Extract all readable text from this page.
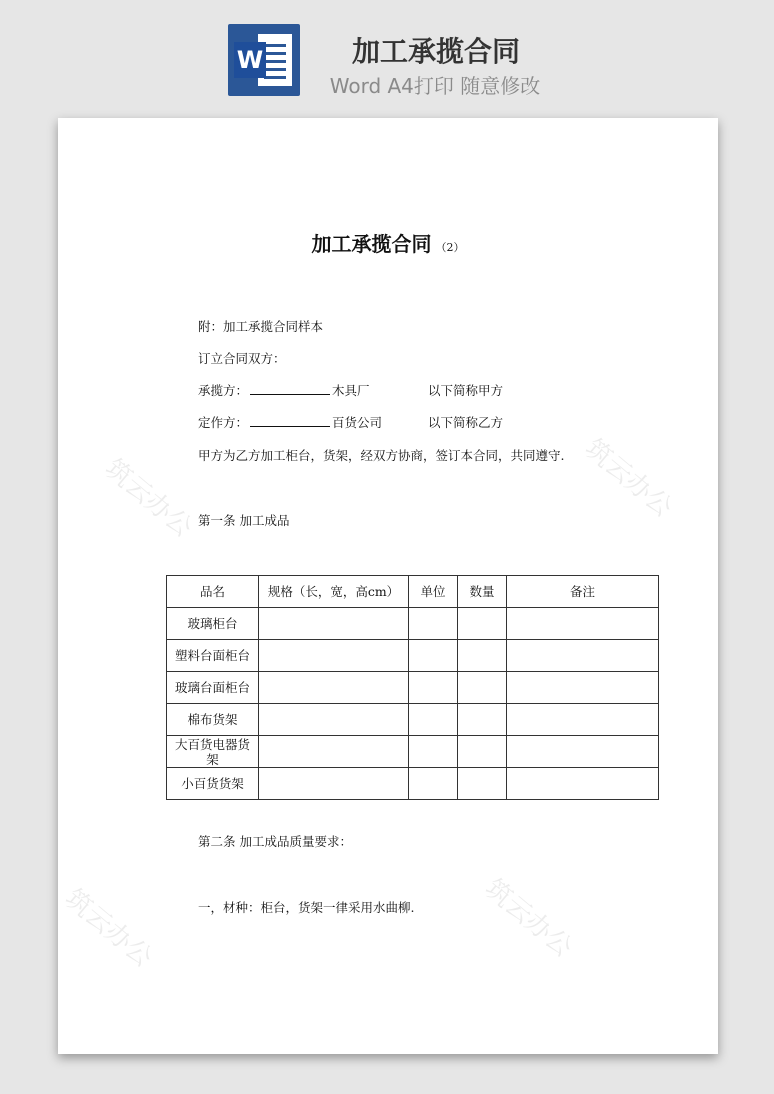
W	加工承揽合同
Word A4打印 随意修改
筑云办公	筑云办公
筑云办公	筑云办公
加工承揽合同 （2）
附：加工承揽合同样本
订立合同双方：
承揽方：	木具厂	以下简称甲方
定作方：	百货公司	以下简称乙方
甲方为乙方加工柜台，货架，经双方协商，签订本合同，共同遵守.
第一条 加工成品
品名	规格（长，宽，高cm）	单位	数量	备注
玻璃柜台				
塑料台面柜台				
玻璃台面柜台				
棉布货架				
大百货电器货架				
小百货货架				
第二条 加工成品质量要求：
一，材种：柜台，货架一律采用水曲柳.
